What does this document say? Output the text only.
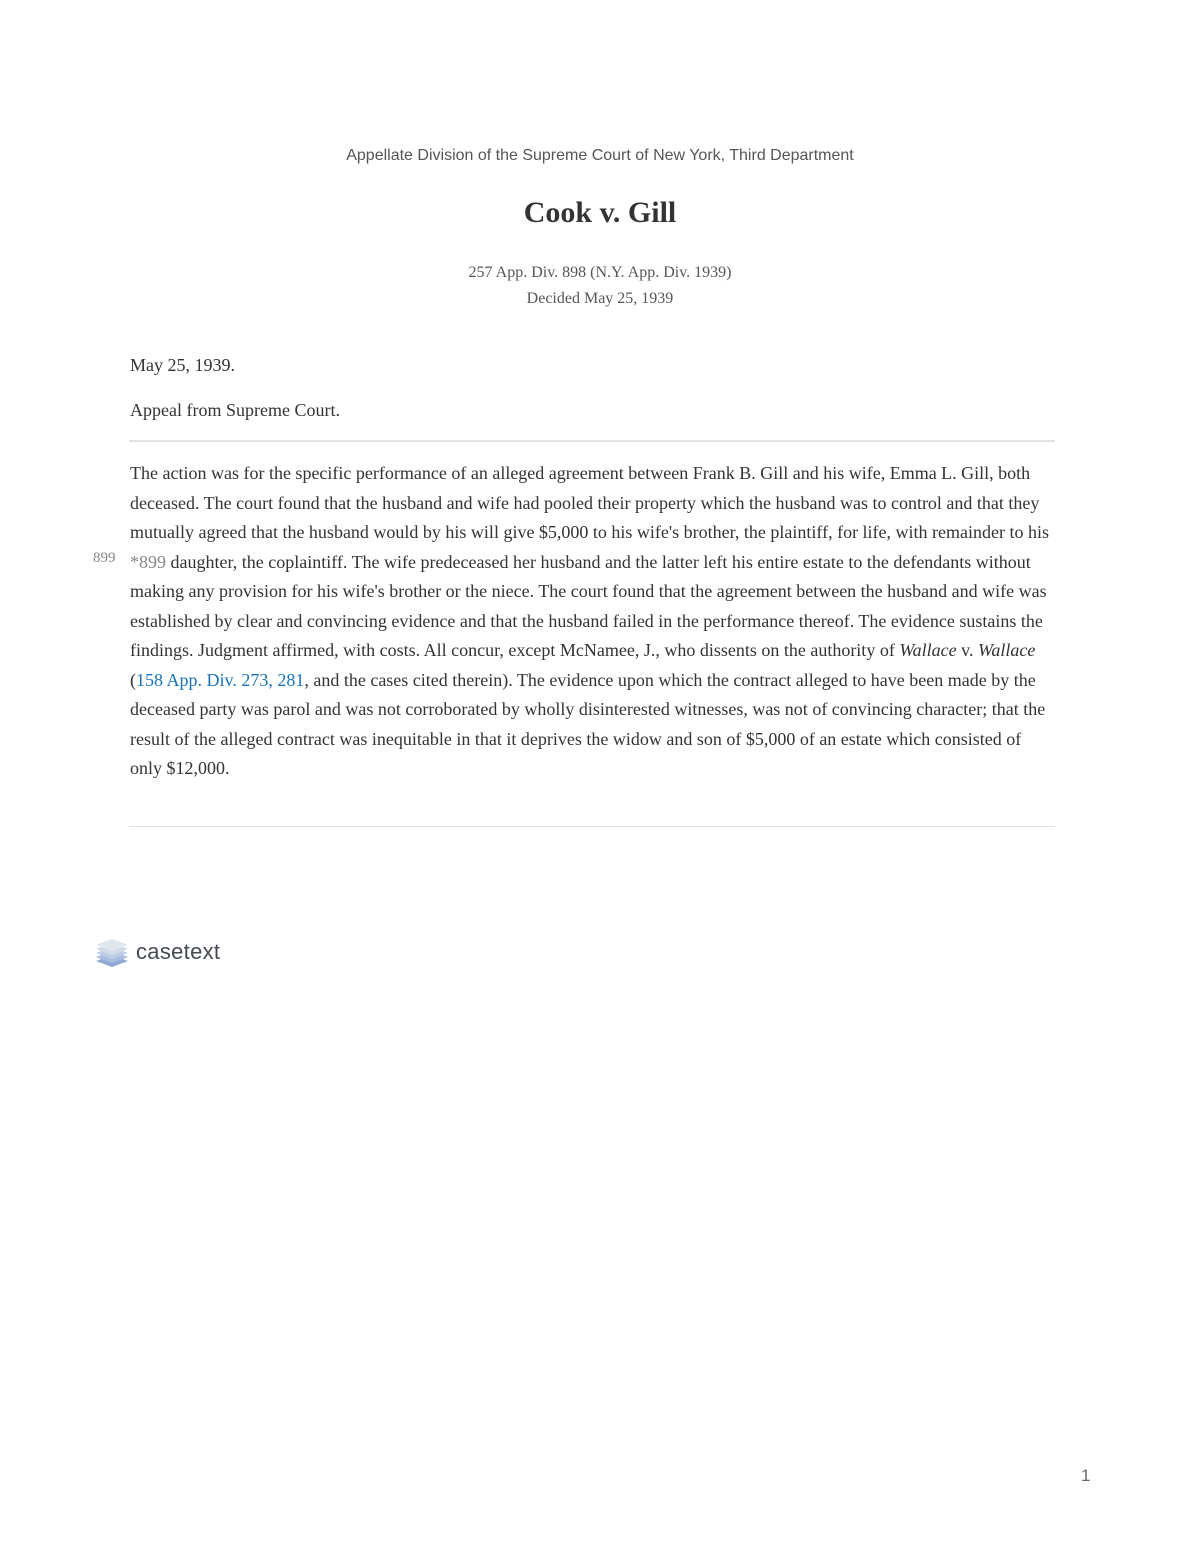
Appellate Division of the Supreme Court of New York, Third Department
Cook v. Gill
257 App. Div. 898 (N.Y. App. Div. 1939)
Decided May 25, 1939
May 25, 1939.
Appeal from Supreme Court.
899

The action was for the specific performance of an alleged agreement between Frank B. Gill and his wife, Emma L. Gill, both deceased. The court found that the husband and wife had pooled their property which the husband was to control and that they mutually agreed that the husband would by his will give $5,000 to his wife's brother, the plaintiff, for life, with remainder to his *899 daughter, the coplaintiff. The wife predeceased her husband and the latter left his entire estate to the defendants without making any provision for his wife's brother or the niece. The court found that the agreement between the husband and wife was established by clear and convincing evidence and that the husband failed in the performance thereof. The evidence sustains the findings. Judgment affirmed, with costs. All concur, except McNamee, J., who dissents on the authority of Wallace v. Wallace (158 App. Div. 273, 281, and the cases cited therein). The evidence upon which the contract alleged to have been made by the deceased party was parol and was not corroborated by wholly disinterested witnesses, was not of convincing character; that the result of the alleged contract was inequitable in that it deprives the widow and son of $5,000 of an estate which consisted of only $12,000.

casetext
1
